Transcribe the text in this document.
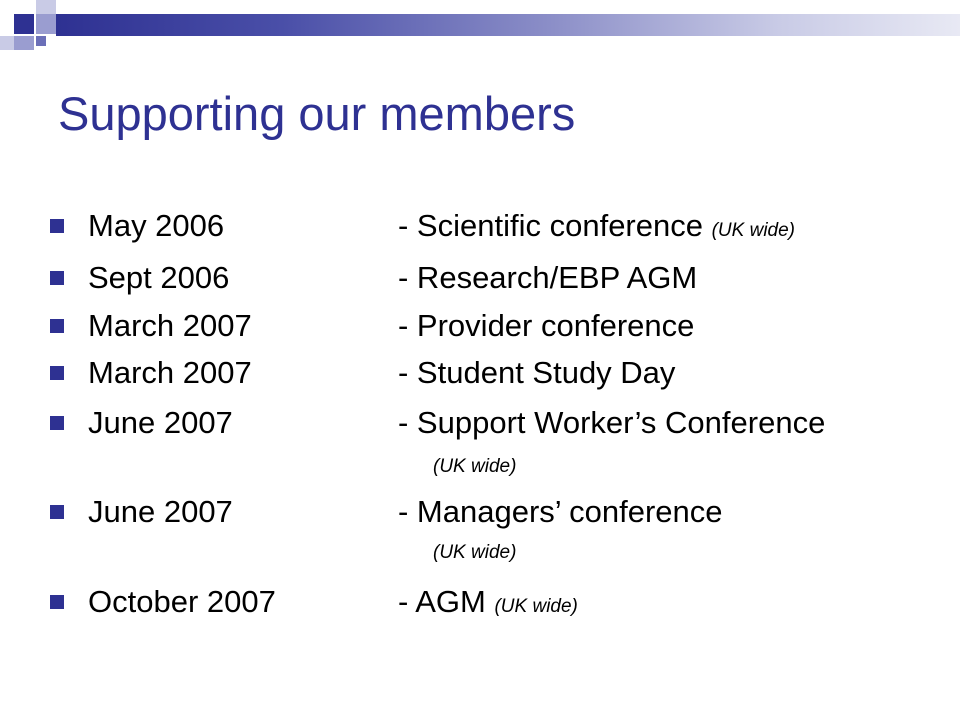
Supporting our members
May 2006	- Scientific conference (UK wide)
Sept 2006	- Research/EBP AGM
March 2007	- Provider conference
March 2007	- Student Study Day
June 2007	- Support Worker’s Conference
(UK wide)
June 2007	- Managers’ conference
(UK wide)
October 2007	- AGM (UK wide)
